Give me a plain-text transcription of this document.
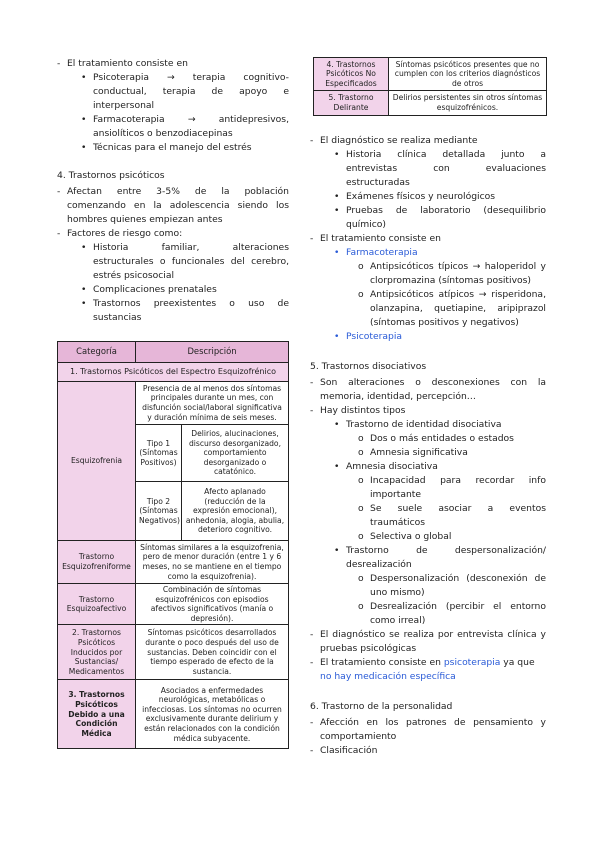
- El tratamiento consiste en
• Psicoterapia → terapia cognitivo-conductual, terapia de apoyo e interpersonal
• Farmacoterapia → antidepresivos, ansiolíticos o benzodiacepinas
• Técnicas para el manejo del estrés

4. Trastornos psicóticos

- Afectan entre 3-5% de la población comenzando en la adolescencia siendo los hombres quienes empiezan antes
- Factores de riesgo como:
• Historia familiar, alteraciones estructurales o funcionales del cerebro, estrés psicosocial
• Complicaciones prenatales
• Trastornos preexistentes o uso de sustancias
Categoría	Descripción	
1. Trastornos Psicóticos del Espectro Esquizofrénico		
Esquizofrenia	Presencia de al menos dos síntomas principales durante un mes, con disfunción social/laboral significativa y duración mínima de seis meses.	
	Tipo 1 (Síntomas Positivos)	Delirios, alucinaciones, discurso desorganizado, comportamiento desorganizado o catatónico.
	Tipo 2 (Síntomas Negativos)	Afecto aplanado (reducción de la expresión emocional), anhedonia, alogia, abulia, deterioro cognitivo.
Trastorno Esquizofreniforme	Síntomas similares a la esquizofrenia, pero de menor duración (entre 1 y 6 meses, no se mantiene en el tiempo como la esquizofrenia).	
Trastorno Esquizoafectivo	Combinación de síntomas esquizofrénicos con episodios afectivos significativos (manía o depresión).	
2. Trastornos Psicóticos Inducidos por Sustancias/ Medicamentos	Síntomas psicóticos desarrollados durante o poco después del uso de sustancias. Deben coincidir con el tiempo esperado de efecto de la sustancia.	
3. Trastornos Psicóticos Debido a una Condición Médica	Asociados a enfermedades neurológicas, metabólicas o infecciosas. Los síntomas no ocurren exclusivamente durante delirium y están relacionados con la condición médica subyacente.	
4. Trastornos Psicóticos No Especificados	Síntomas psicóticos presentes que no cumplen con los criterios diagnósticos de otros
5. Trastorno Delirante	Delirios persistentes sin otros síntomas esquizofrénicos.
- El diagnóstico se realiza mediante
• Historia clínica detallada junto a entrevistas con evaluaciones estructuradas
• Exámenes físicos y neurológicos
• Pruebas de laboratorio (desequilibrio químico)
- El tratamiento consiste en
• Farmacoterapia
o Antipsicóticos típicos → haloperidol y clorpromazina (síntomas positivos)
o Antipsicóticos atípicos → risperidona, olanzapina, quetiapine, aripiprazol (síntomas positivos y negativos)
• Psicoterapia

5. Trastornos disociativos

- Son alteraciones o desconexiones con la memoria, identidad, percepción…
- Hay distintos tipos
• Trastorno de identidad disociativa
o Dos o más entidades o estados
o Amnesia significativa
• Amnesia disociativa
o Incapacidad para recordar info importante
o Se suele asociar a eventos traumáticos
o Selectiva o global
• Trastorno de despersonalización/ desrealización
o Despersonalización (desconexión de uno mismo)
o Desrealización (percibir el entorno como irreal)
- El diagnóstico se realiza por entrevista clínica y pruebas psicológicas
- El tratamiento consiste en psicoterapia ya que no hay medicación específica

6. Trastorno de la personalidad

- Afección en los patrones de pensamiento y comportamiento
- Clasificación
